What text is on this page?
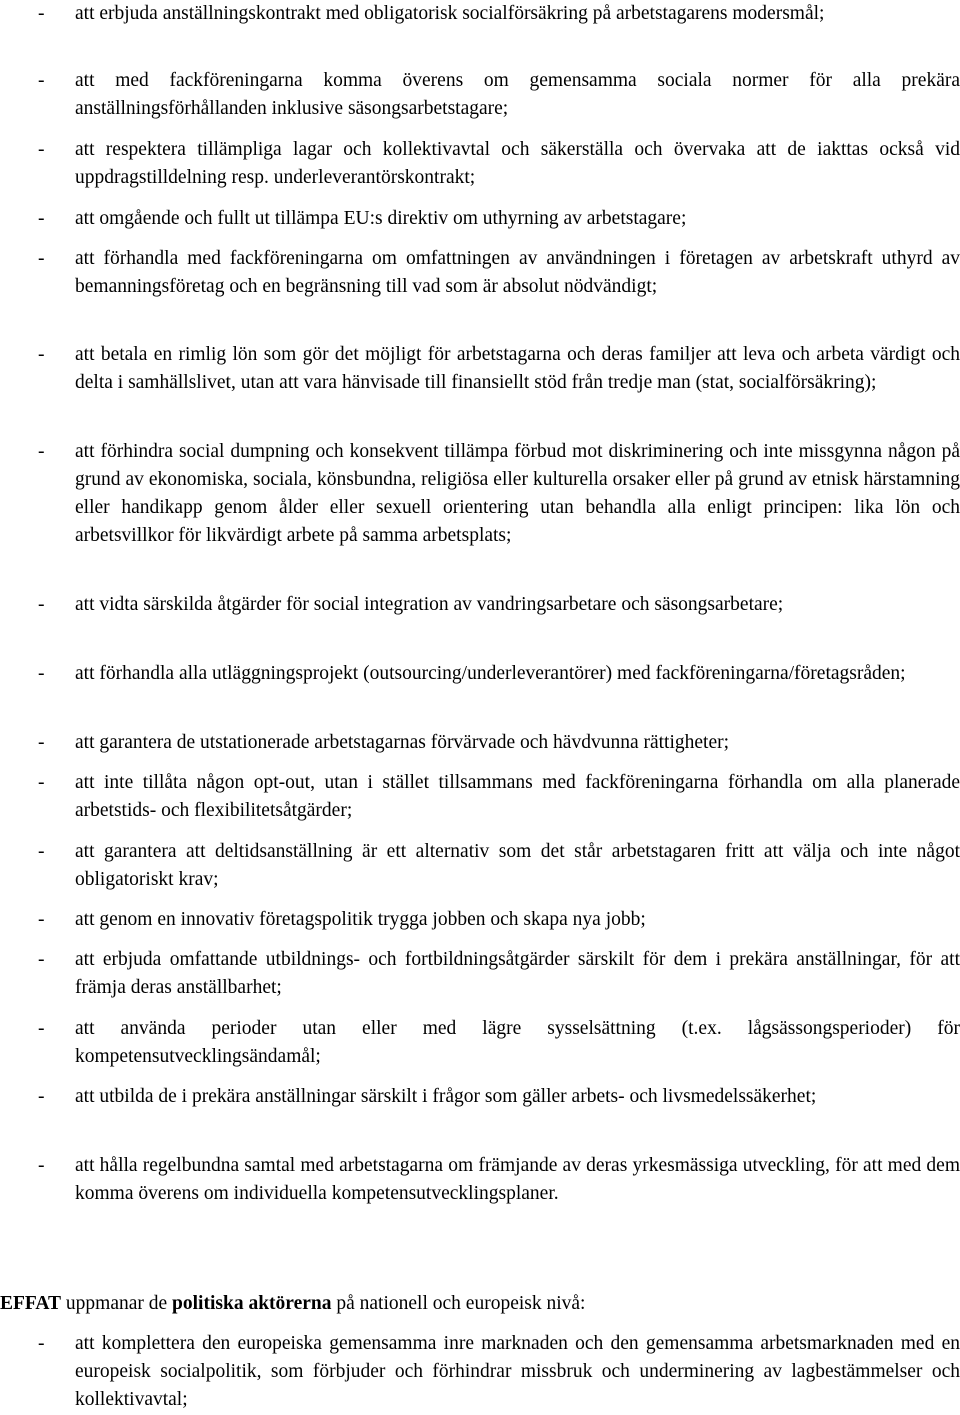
- att erbjuda anställningskontrakt med obligatorisk socialförsäkring på arbetstagarens modersmål;
- att med fackföreningarna komma överens om gemensamma sociala normer för alla prekära anställningsförhållanden inklusive säsongsarbetstagare;
- att respektera tillämpliga lagar och kollektivavtal och säkerställa och övervaka att de iakttas också vid uppdragstilldelning resp. underleverantörskontrakt;
- att omgående och fullt ut tillämpa EU:s direktiv om uthyrning av arbetstagare;
- att förhandla med fackföreningarna om omfattningen av användningen i företagen av arbetskraft uthyrd av bemanningsföretag och en begränsning till vad som är absolut nödvändigt;
- att betala en rimlig lön som gör det möjligt för arbetstagarna och deras familjer att leva och arbeta värdigt och delta i samhällslivet, utan att vara hänvisade till finansiellt stöd från tredje man (stat, socialförsäkring);
- att förhindra social dumpning och konsekvent tillämpa förbud mot diskriminering och inte missgynna någon på grund av ekonomiska, sociala, könsbundna, religiösa eller kulturella orsaker eller på grund av etnisk härstamning eller handikapp genom ålder eller sexuell orientering utan behandla alla enligt principen: lika lön och arbetsvillkor för likvärdigt arbete på samma arbetsplats;
- att vidta särskilda åtgärder för social integration av vandringsarbetare och säsongsarbetare;
- att förhandla alla utläggningsprojekt (outsourcing/underleverantörer) med fackföreningarna/företagsråden;
- att garantera de utstationerade arbetstagarnas förvärvade och hävdvunna rättigheter;
- att inte tillåta någon opt-out, utan i stället tillsammans med fackföreningarna förhandla om alla planerade arbetstids- och flexibilitetsåtgärder;
- att garantera att deltidsanställning är ett alternativ som det står arbetstagaren fritt att välja och inte något obligatoriskt krav;
- att genom en innovativ företagspolitik trygga jobben och skapa nya jobb;
- att erbjuda omfattande utbildnings- och fortbildningsåtgärder särskilt för dem i prekära anställningar, för att främja deras anställbarhet;
- att använda perioder utan eller med lägre sysselsättning (t.ex. lågsässongsperioder) för kompetensutvecklingsändamål;
- att utbilda de i prekära anställningar särskilt i frågor som gäller arbets- och livsmedelssäkerhet;
- att hålla regelbundna samtal med arbetstagarna om främjande av deras yrkesmässiga utveckling, för att med dem komma överens om individuella kompetensutvecklingsplaner.

EFFAT uppmanar de politiska aktörerna på nationell och europeisk nivå:

- att komplettera den europeiska gemensamma inre marknaden och den gemensamma arbetsmarknaden med en europeisk socialpolitik, som förbjuder och förhindrar missbruk och underminering av lagbestämmelser och kollektivavtal;
